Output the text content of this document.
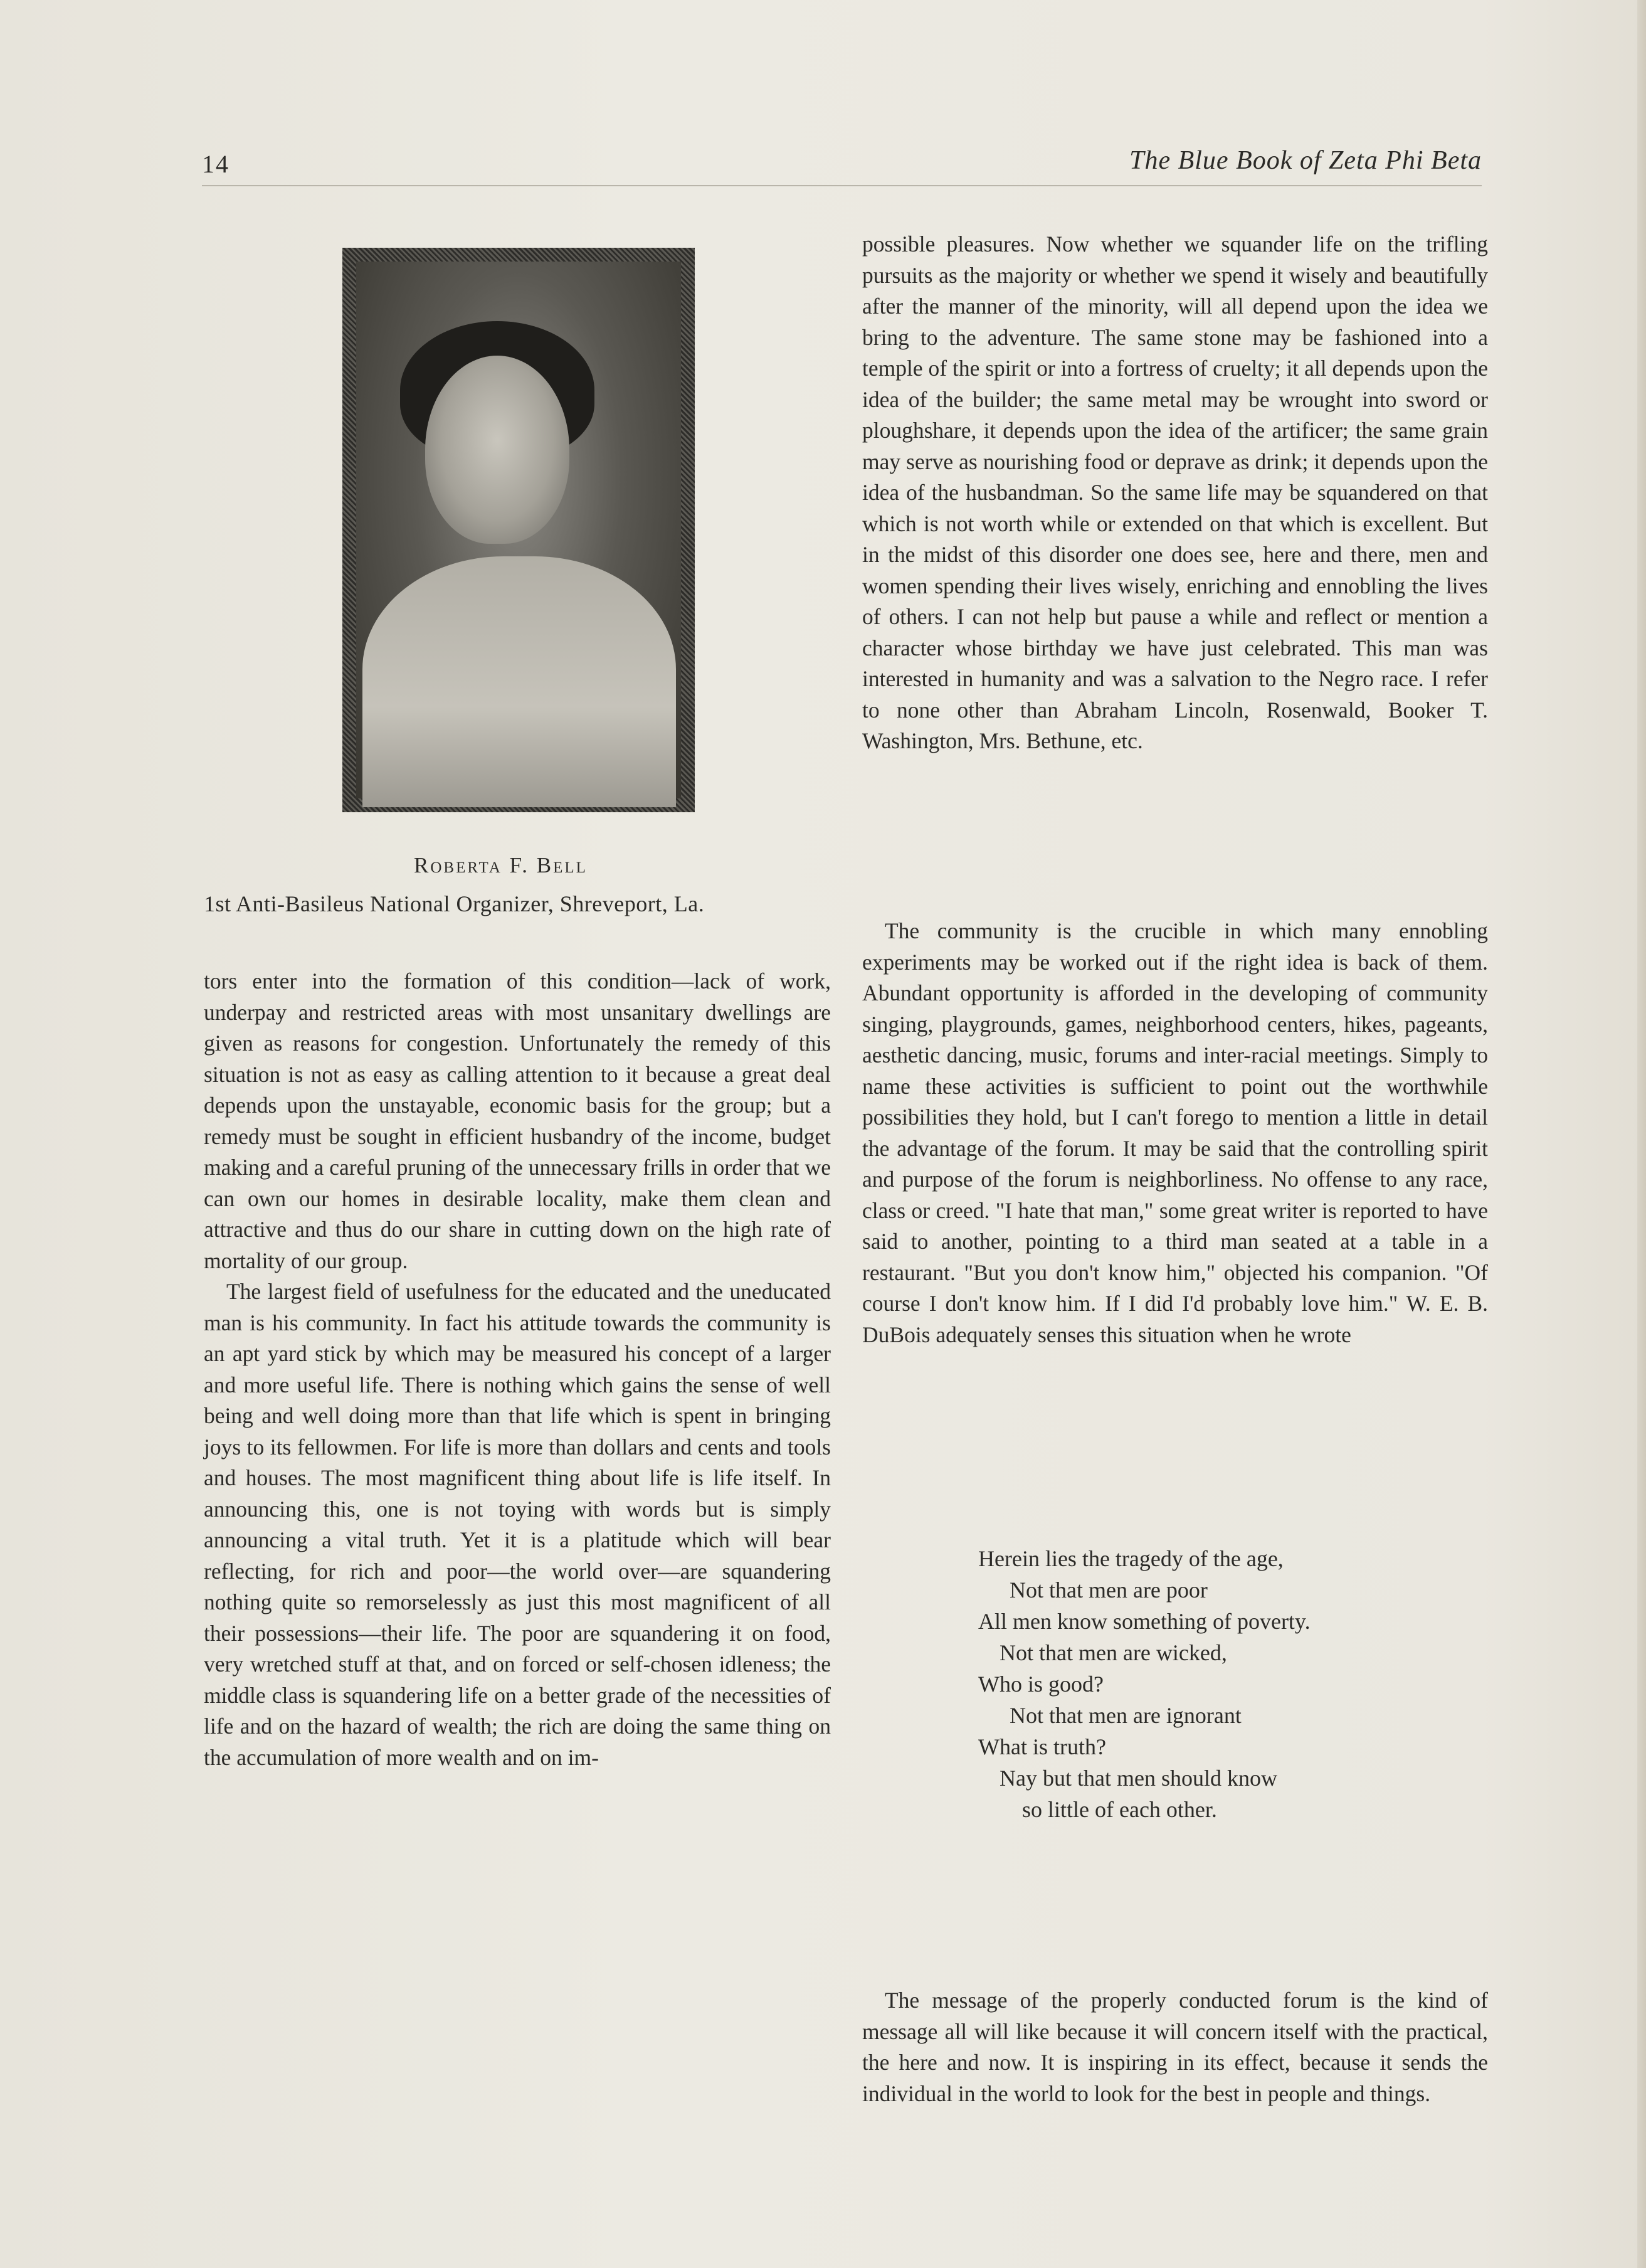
14	The Blue Book of Zeta Phi Beta
Roberta F. Bell
1st Anti-Basileus National Organizer, Shreveport, La.

tors enter into the formation of this condition—lack of work, underpay and restricted areas with most unsanitary dwellings are given as reasons for congestion. Unfortunately the remedy of this situation is not as easy as calling attention to it because a great deal depends upon the unstayable, economic basis for the group; but a remedy must be sought in efficient husbandry of the income, budget making and a careful pruning of the unnecessary frills in order that we can own our homes in desirable locality, make them clean and attractive and thus do our share in cutting down on the high rate of mortality of our group.
The largest field of usefulness for the educated and the uneducated man is his community. In fact his attitude towards the community is an apt yard stick by which may be measured his concept of a larger and more useful life. There is nothing which gains the sense of well being and well doing more than that life which is spent in bringing joys to its fellowmen. For life is more than dollars and cents and tools and houses. The most magnificent thing about life is life itself. In announcing this, one is not toying with words but is simply announcing a vital truth. Yet it is a platitude which will bear reflecting, for rich and poor—the world over—are squandering nothing quite so remorselessly as just this most magnificent of all their possessions—their life. The poor are squandering it on food, very wretched stuff at that, and on forced or self-chosen idleness; the middle class is squandering life on a better grade of the necessities of life and on the hazard of wealth; the rich are doing the same thing on the accumulation of more wealth and on im-

possible pleasures. Now whether we squander life on the trifling pursuits as the majority or whether we spend it wisely and beautifully after the manner of the minority, will all depend upon the idea we bring to the adventure. The same stone may be fashioned into a temple of the spirit or into a fortress of cruelty; it all depends upon the idea of the builder; the same metal may be wrought into sword or ploughshare, it depends upon the idea of the artificer; the same grain may serve as nourishing food or deprave as drink; it depends upon the idea of the husbandman. So the same life may be squandered on that which is not worth while or extended on that which is excellent. But in the midst of this disorder one does see, here and there, men and women spending their lives wisely, enriching and ennobling the lives of others. I can not help but pause a while and reflect or mention a character whose birthday we have just celebrated. This man was interested in humanity and was a salvation to the Negro race. I refer to none other than Abraham Lincoln, Rosenwald, Booker T. Washington, Mrs. Bethune, etc.

The community is the crucible in which many ennobling experiments may be worked out if the right idea is back of them. Abundant opportunity is afforded in the developing of community singing, playgrounds, games, neighborhood centers, hikes, pageants, aesthetic dancing, music, forums and inter-racial meetings. Simply to name these activities is sufficient to point out the worthwhile possibilities they hold, but I can't forego to mention a little in detail the advantage of the forum. It may be said that the controlling spirit and purpose of the forum is neighborliness. No offense to any race, class or creed. "I hate that man," some great writer is reported to have said to another, pointing to a third man seated at a table in a restaurant. "But you don't know him," objected his companion. "Of course I don't know him. If I did I'd probably love him." W. E. B. DuBois adequately senses this situation when he wrote

Herein lies the tragedy of the age,
Not that men are poor
All men know something of poverty.
Not that men are wicked,
Who is good?
Not that men are ignorant
What is truth?
Nay but that men should know
so little of each other.

The message of the properly conducted forum is the kind of message all will like because it will concern itself with the practical, the here and now. It is inspiring in its effect, because it sends the individual in the world to look for the best in people and things.
